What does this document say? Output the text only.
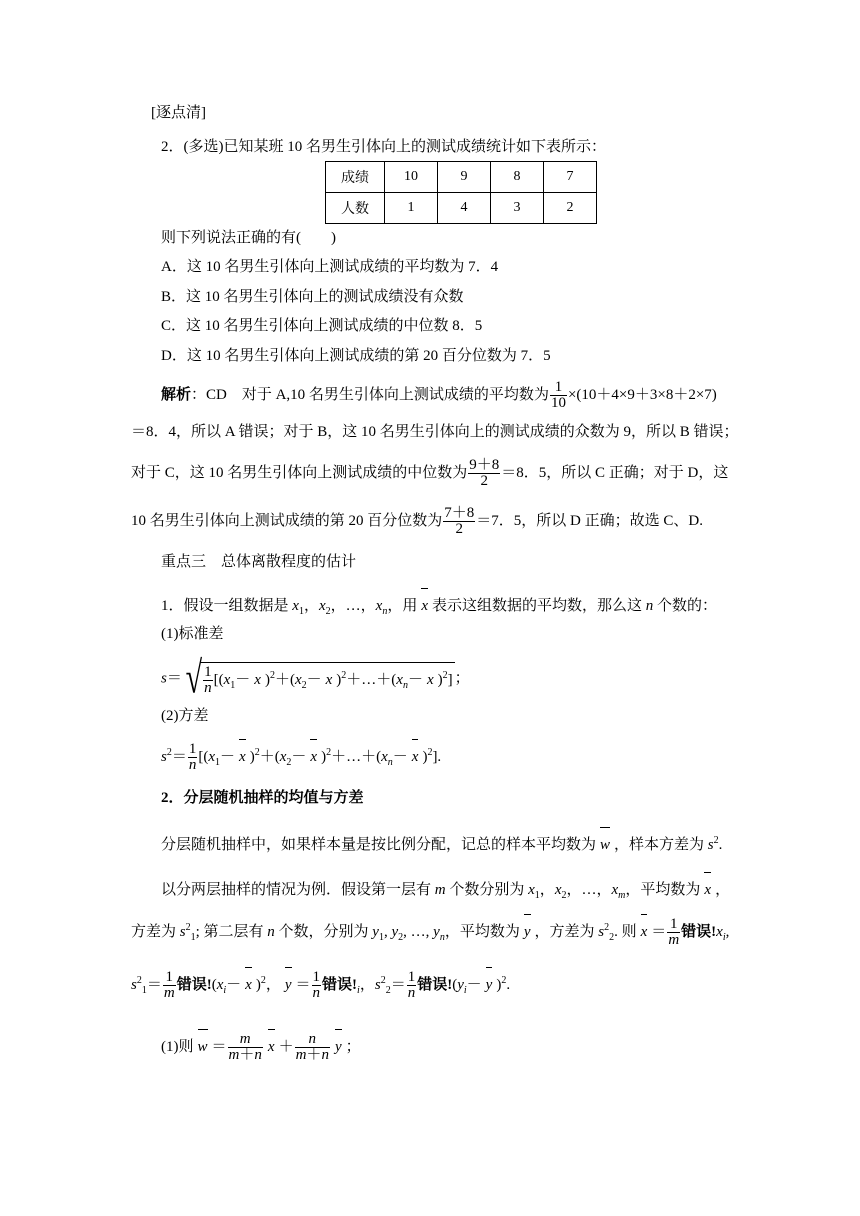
[逐点清]
2．(多选)已知某班 10 名男生引体向上的测试成绩统计如下表所示：
成绩	10	9	8	7
人数	1	4	3	2
则下列说法正确的有(　　)
A．这 10 名男生引体向上测试成绩的平均数为 7．4
B．这 10 名男生引体向上的测试成绩没有众数
C．这 10 名男生引体向上测试成绩的中位数 8．5
D．这 10 名男生引体向上测试成绩的第 20 百分位数为 7．5
解析：CD　对于 A,10 名男生引体向上测试成绩的平均数为 $\frac{1}{10} \times(10+4\times 9+3\times 8+2\times 7)$
＝8．4，所以 A 错误；对于 B，这 10 名男生引体向上的测试成绩的众数为 9，所以 B 错误；
对于 C，这 10 名男生引体向上测试成绩的中位数为 $\frac{9+8}{2} =8$．5，所以 C 正确；对于 D，这
10 名男生引体向上测试成绩的第 20 百分位数为 $\frac{7+8}{2} =7$．5，所以 D 正确；故选 C、D.
重点三　总体离散程度的估计
1．假设一组数据是 $x_1$，$x_2$，…，$x_n$，用 x 表示这组数据的平均数，那么这 n 个数的：
(1)标准差
s＝ √ $\frac{1}{n} [(x_1- x$ )$^2+(x_2- x$ )$^2+\dots+(x_n- x$ )$^2$] ；
(2)方差
$s^2= \frac{1}{n} [(x_1- x$ )$^2+(x_2- x$ )$^2+\dots+(x_n- x$ )$^2$].
2．分层随机抽样的均值与方差
分层随机抽样中，如果样本量是按比例分配，记总的样本平均数为 w ，样本方差为 $s^2$.
以分两层抽样的情况为例．假设第一层有 m 个数分别为 $x_1$，$x_2$，…，$x_m$，平均数为 x ，
方差为 $s^2_1$; 第二层有 n 个数，分别为 $y_1$, $y_2$, …, $y_n$，平均数为 y ，方差为 $s^2_2$. 则 $x = \frac{1}{m}$ 错误$!x_i$,
$s^2_1= \frac{1}{m}$ 错误$!(x_i- x$ )$^2$， $y = \frac{1}{n}$ 错误$!_i$，$s^2_2= \frac{1}{n}$ 错误$!(y_i- y$ )$^2$.
(1)则 $w = \frac{m}{m+n}$ $x + \frac{n}{m+n}$ y ；
